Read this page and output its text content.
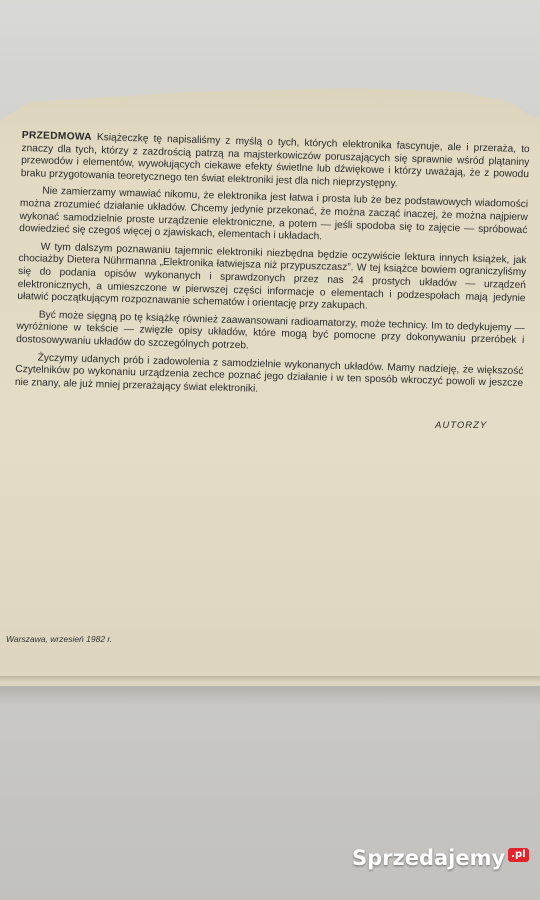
PRZEDMOWA Książeczkę tę napisaliśmy z myślą o tych, których elektronika fascynuje, ale i przeraża, to znaczy dla tych, którzy z zazdrością patrzą na majsterkowiczów poruszających się sprawnie wśród plątaniny przewodów i elementów, wywołujących ciekawe efekty świetlne lub dźwiękowe i którzy uważają, że z powodu braku przygotowania teoretycznego ten świat elektroniki jest dla nich nieprzystępny.

Nie zamierzamy wmawiać nikomu, że elektronika jest łatwa i prosta lub że bez podstawowych wiadomości można zrozumieć działanie układów. Chcemy jedynie przekonać, że można zacząć inaczej, że można najpierw wykonać samodzielnie proste urządzenie elektroniczne, a potem — jeśli spodoba się to zajęcie — spróbować dowiedzieć się czegoś więcej o zjawiskach, elementach i układach.

W tym dalszym poznawaniu tajemnic elektroniki niezbędna będzie oczywiście lektura innych książek, jak chociażby Dietera Nührmanna „Elektronika łatwiejsza niż przypuszczasz”. W tej książce bowiem ograniczyliśmy się do podania opisów wykonanych i sprawdzonych przez nas 24 prostych układów — urządzeń elektronicznych, a umieszczone w pierwszej części informacje o elementach i podzespołach mają jedynie ułatwić początkującym rozpoznawanie schematów i orientację przy zakupach.

Być może sięgną po tę książkę również zaawansowani radioamatorzy, może technicy. Im to dedykujemy — wyróżnione w tekście — zwięzłe opisy układów, które mogą być pomocne przy dokonywaniu przeróbek i dostosowywaniu układów do szczególnych potrzeb.

Życzymy udanych prób i zadowolenia z samodzielnie wykonanych układów. Mamy nadzieję, że większość Czytelników po wykonaniu urządzenia zechce poznać jego działanie i w ten sposób wkroczyć powoli w jeszcze nie znany, ale już mniej przerażający świat elektroniki.

AUTORZY
Warszawa, wrzesień 1982 r.
Sprzedajemy .pl
